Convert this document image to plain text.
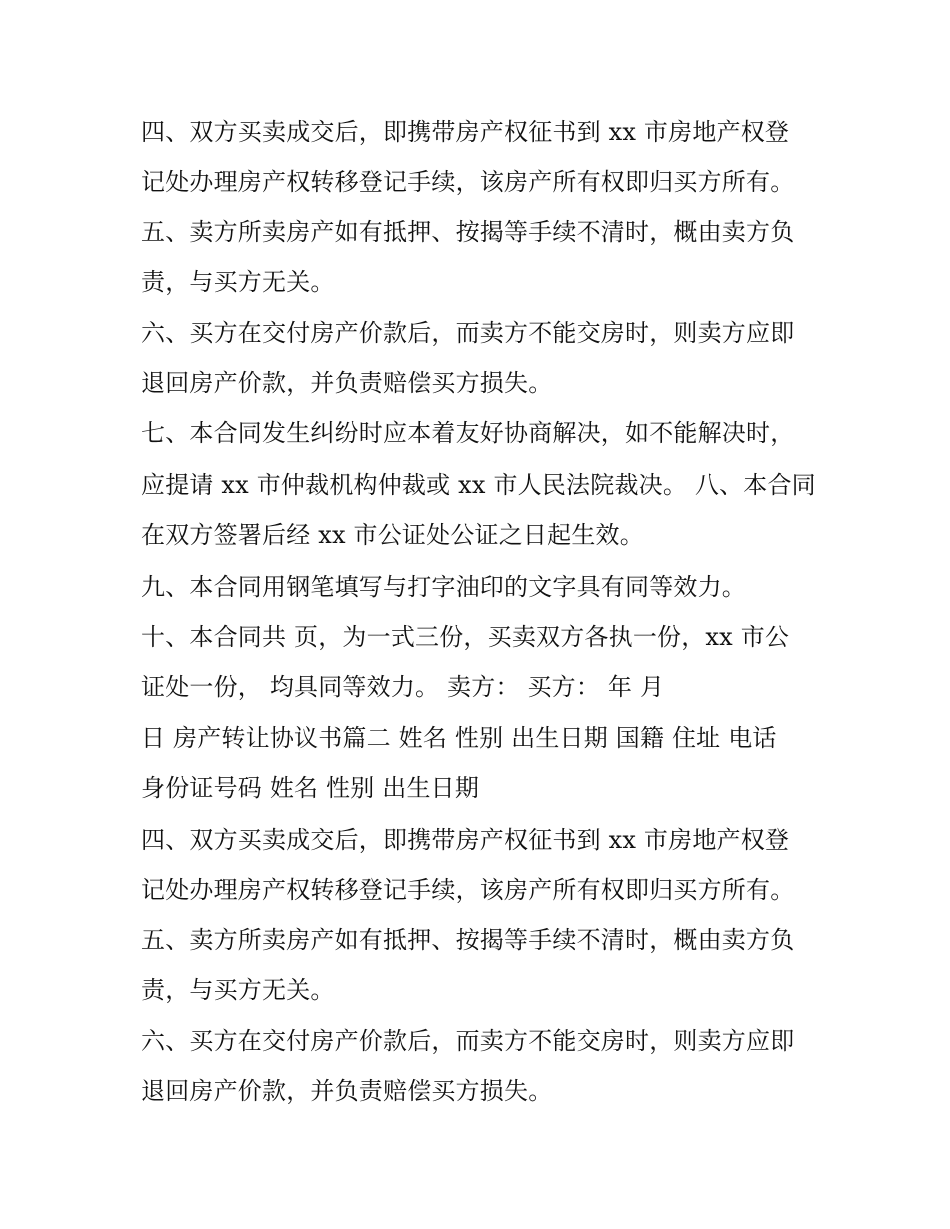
四、双方买卖成交后，即携带房产权征书到 xx 市房地产权登
记处办理房产权转移登记手续，该房产所有权即归买方所有。
五、卖方所卖房产如有抵押、按揭等手续不清时，概由卖方负
责，与买方无关。
六、买方在交付房产价款后，而卖方不能交房时，则卖方应即
退回房产价款，并负责赔偿买方损失。
七、本合同发生纠纷时应本着友好协商解决，如不能解决时，
应提请 xx 市仲裁机构仲裁或 xx 市人民法院裁决。 八、本合同
在双方签署后经 xx 市公证处公证之日起生效。
九、本合同用钢笔填写与打字油印的文字具有同等效力。
十、本合同共 页，为一式三份，买卖双方各执一份，xx 市公
证处一份， 均具同等效力。 卖方： 买方： 年 月
日 房产转让协议书篇二 姓名 性别 出生日期 国籍 住址 电话
身份证号码 姓名 性别 出生日期
四、双方买卖成交后，即携带房产权征书到 xx 市房地产权登
记处办理房产权转移登记手续，该房产所有权即归买方所有。
五、卖方所卖房产如有抵押、按揭等手续不清时，概由卖方负
责，与买方无关。
六、买方在交付房产价款后，而卖方不能交房时，则卖方应即
退回房产价款，并负责赔偿买方损失。
